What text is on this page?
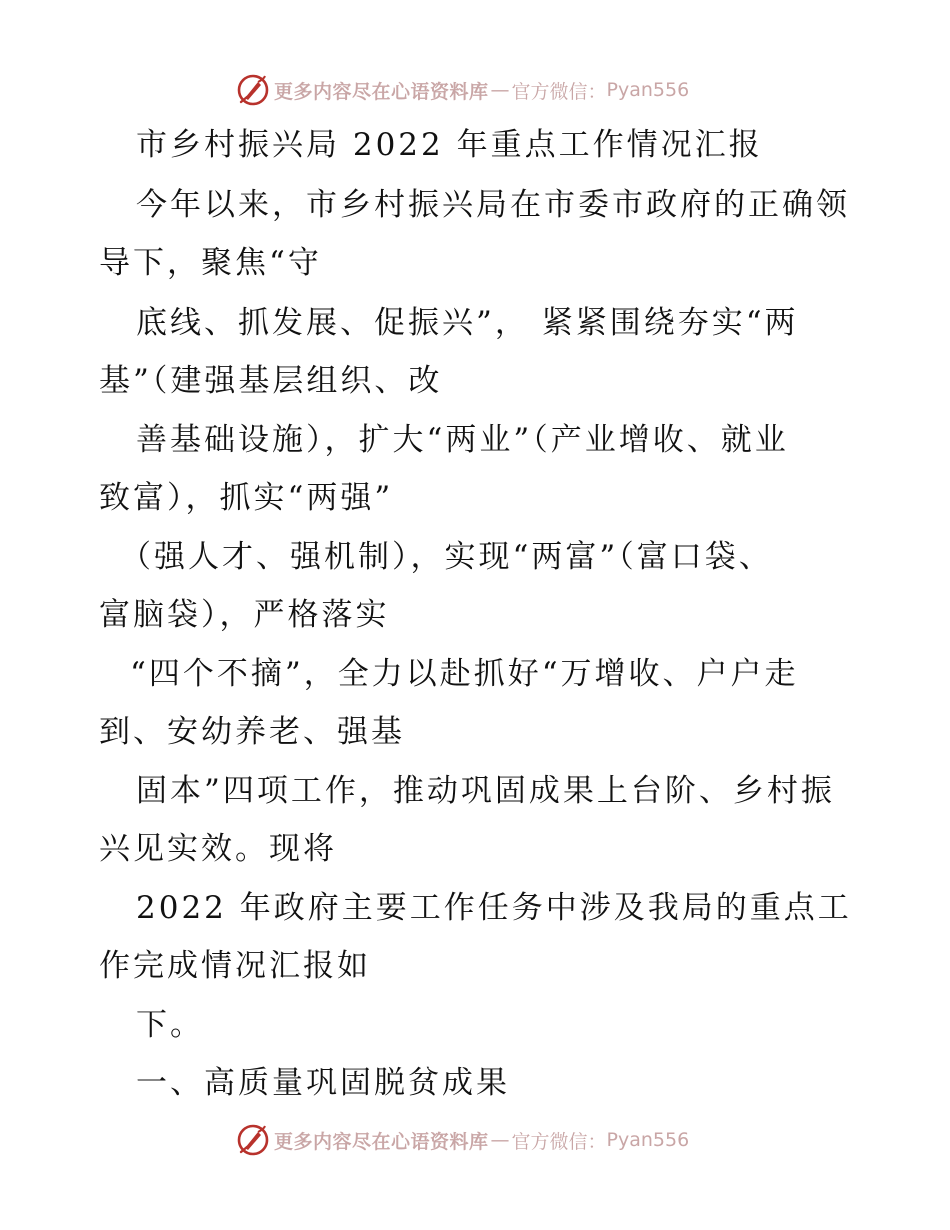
更多内容尽在心语资料库 — 官方微信： Pyan556
市乡村振兴局 2022 年重点工作情况汇报
今年以来，市乡村振兴局在市委市政府的正确领
导下，聚焦“守
底线、抓发展、促振兴”， 紧紧围绕夯实“两
基”（建强基层组织、改
善基础设施），扩大“两业”（产业增收、就业
致富），抓实“两强”
（强人才、强机制），实现“两富”（富口袋、
富脑袋），严格落实
“四个不摘”，全力以赴抓好“万增收、户户走
到、安幼养老、强基
固本”四项工作，推动巩固成果上台阶、乡村振
兴见实效。现将
2022 年政府主要工作任务中涉及我局的重点工
作完成情况汇报如
下。
一、高质量巩固脱贫成果
更多内容尽在心语资料库 — 官方微信： Pyan556
